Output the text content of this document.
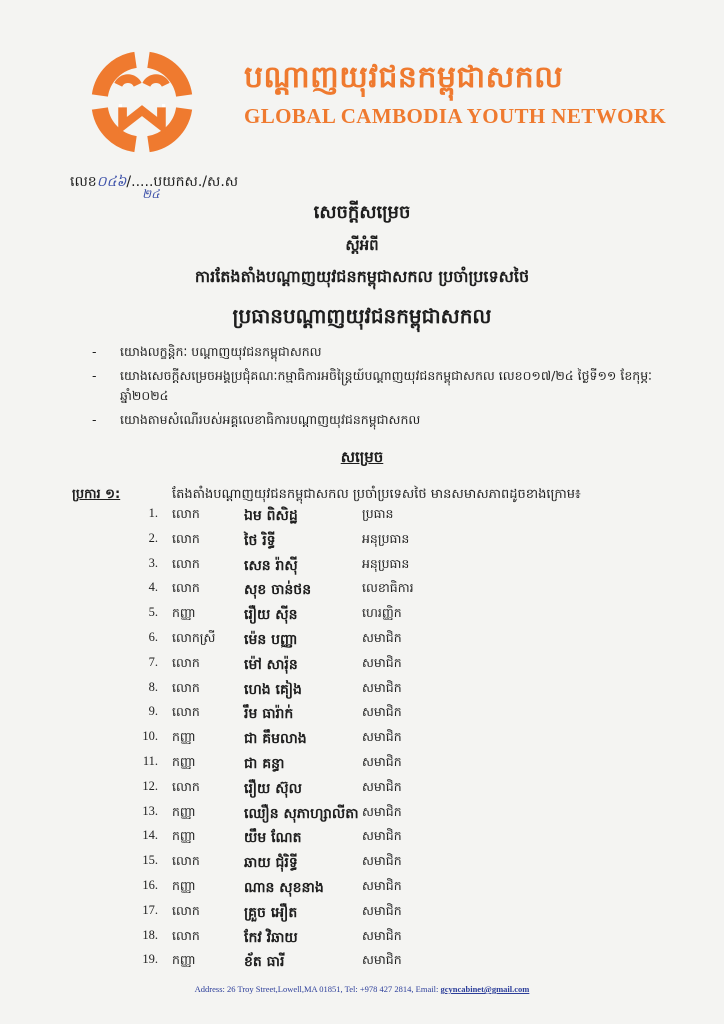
បណ្តាញយុវជនកម្ពុជាសកល
GLOBAL CAMBODIA YOUTH NETWORK
លេខ០៤៦/.....បយកស./ស.ស
២៤
សេចក្តីសម្រេច
ស្តីអំពី
ការតែងតាំងបណ្តាញយុវជនកម្ពុជាសកល ប្រចាំប្រទេសថៃ
ប្រធានបណ្តាញយុវជនកម្ពុជាសកល
- យោងលក្ខន្តិកៈ បណ្តាញយុវជនកម្ពុជាសកល
- យោងសេចក្តីសម្រេចអង្គប្រជុំគណៈកម្មាធិការអចិន្ត្រៃយ៍បណ្តាញយុវជនកម្ពុជាសកល លេខ០១៧/២៤ ថ្ងៃទី១១ ខែកុម្ភៈ ឆ្នាំ២០២៤
- យោងតាមសំណើរបស់អគ្គលេខាធិការបណ្តាញយុវជនកម្ពុជាសកល
សម្រេច
ប្រការ ១:	តែងតាំងបណ្តាញយុវជនកម្ពុជាសកល ប្រចាំប្រទេសថៃ មានសមាសភាពដូចខាងក្រោម៖
1. លោក	ឯម ពិសិដ្ឋ	ប្រធាន
2. លោក	ថៃ រិទ្ធី	អនុប្រធាន
3. លោក	សេន រ៉ាស៊ី	អនុប្រធាន
4. លោក	សុខ ចាន់ថន	លេខាធិការ
5. កញ្ញា	រឿយ ស៊ីន	ហេរញ្ញិក
6. លោកស្រី ម៉េន បញ្ញា	សមាជិក
7. លោក	ម៉ៅ សារ៉ុន	សមាជិក
8. លោក	ហេង គៀង	សមាជិក
9. លោក	រឹម ធារ៉ាក់	សមាជិក
10. កញ្ញា	ជា គឹមលាង	សមាជិក
11. កញ្ញា	ជា គន្ធា	សមាជិក
12. លោក	រឿយ ស៊ុល	សមាជិក
13. កញ្ញា	ឈឿន សុភាហ្សាលីតា សមាជិក
14. កញ្ញា	យឹម ណែត	សមាជិក
15. លោក	ឆាយ ជុំរិទ្ធី	សមាជិក
16. កញ្ញា	ណាន សុខនាង	សមាជិក
17. លោក	គ្រួច អឿត	សមាជិក
18. លោក	កែវ វិឆាយ	សមាជិក
19. កញ្ញា	ខ័ត ធារី	សមាជិក
Address: 26 Troy Street,Lowell,MA 01851, Tel: +978 427 2814, Email: gcyncabinet@gmail.com
